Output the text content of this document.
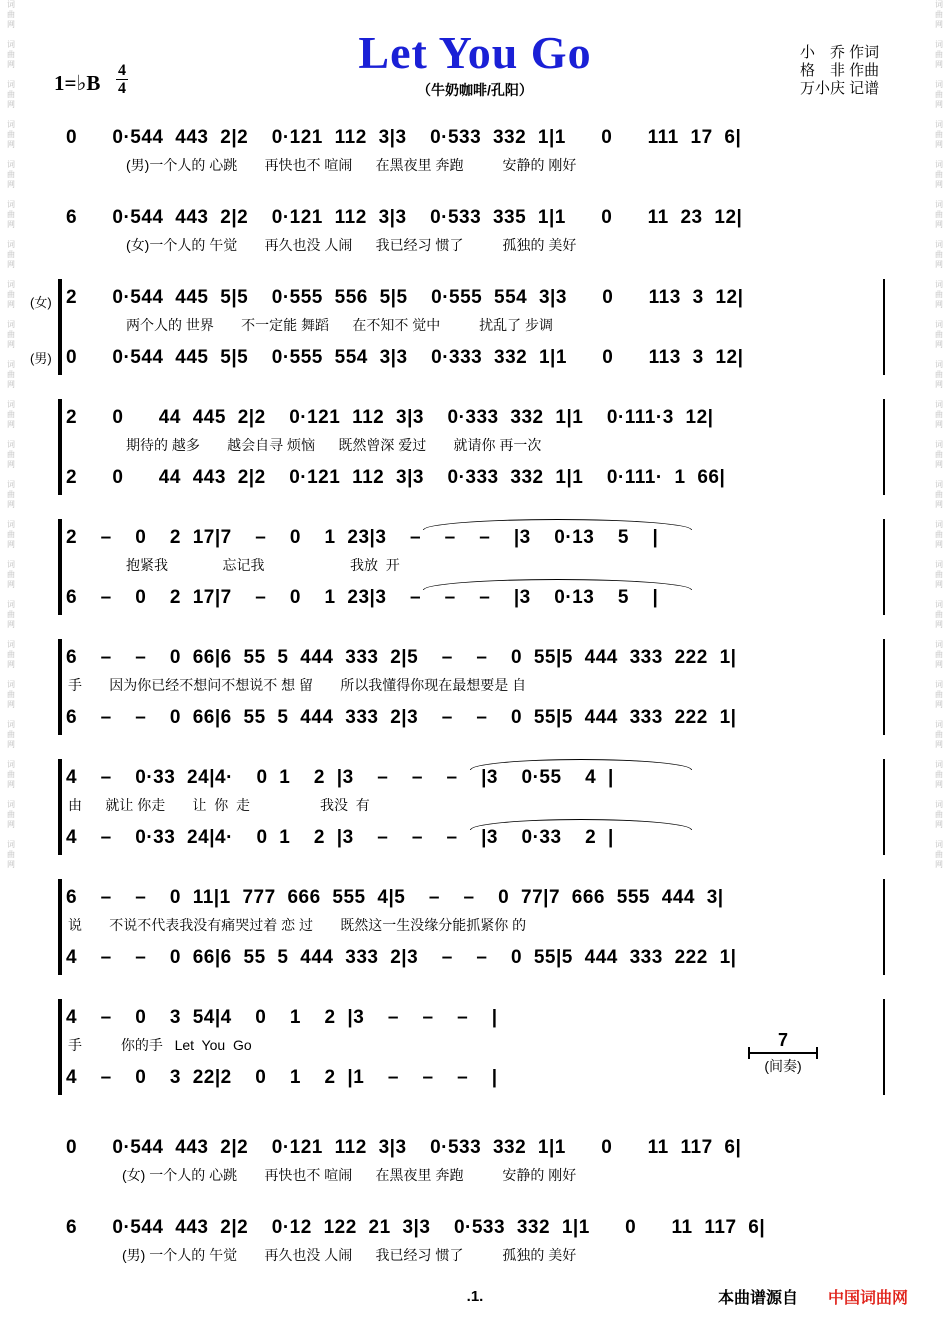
词
曲
网

词
曲
网

词
曲
网

词
曲
网

词
曲
网

词
曲
网

词
曲
网

词
曲
网

词
曲
网

词
曲
网

词
曲
网

词
曲
网

词
曲
网

词
曲
网

词
曲
网

词
曲
网

词
曲
网

词
曲
网

词
曲
网

词
曲
网

词
曲
网

词
曲
网

词
曲
网

词
曲
网

词
曲
网

词
曲
网

词
曲
网

词
曲
网

词
曲
网

词
曲
网

词
曲
网

词
曲
网

词
曲
网

词
曲
网

词
曲
网

词
曲
网

词
曲
网

词
曲
网

词
曲
网

词
曲
网

词
曲
网

词
曲
网

词
曲
网

词
曲
网

Let You Go
（牛奶咖啡/孔阳）
1=♭B $\frac{4}{4}$
小　乔 作词
格　非 作曲
万小庆 记谱
0   0·544 443 2|2  0·121 112 3|3  0·533 332 1|1   0   111 17 6|
(男)一个人的 心跳       再快也不 喧闹      在黑夜里 奔跑          安静的 刚好
6   0·544 443 2|2  0·121 112 3|3  0·533 335 1|1   0   11 23 12|
(女)一个人的 午觉       再久也没 人闹      我已经习 惯了          孤独的 美好
2   0·544 445 5|5  0·555 556 5|5  0·555 554 3|3   0   113 3 12|
两个人的 世界       不一定能 舞蹈      在不知不 觉中          扰乱了 步调
0   0·544 445 5|5  0·555 554 3|3  0·333 332 1|1   0   113 3 12|
2   0   44 445 2|2  0·121 112 3|3  0·333 332 1|1  0·111·3 12|
期待的 越多       越会自寻 烦恼      既然曾深 爱过       就请你 再一次
2   0   44 443 2|2  0·121 112 3|3  0·333 332 1|1  0·111· 1 66|
2  –  0  2 17|7  –  0  1 23|3  –  –  –  |3  0·13  5  |
抱紧我              忘记我                      我放  开
6  –  0  2 17|7  –  0  1 23|3  –  –  –  |3  0·13  5  |
6  –  –  0 66|6 55 5 444 333 2|5  –  –  0 55|5 444 333 222 1|
手       因为你已经不想问不想说不 想 留       所以我懂得你现在最想要是 自
6  –  –  0 66|6 55 5 444 333 2|3  –  –  0 55|5 444 333 222 1|
4  –  0·33 24|4·  0 1  2 |3  –  –  –  |3  0·55  4 |
由      就让 你走       让  你  走                  我没  有
4  –  0·33 24|4·  0 1  2 |3  –  –  –  |3  0·33  2 |
6  –  –  0 11|1 777 666 555 4|5  –  –  0 77|7 666 555 444 3|
说       不说不代表我没有痛哭过着 恋 过       既然这一生没缘分能抓紧你 的
4  –  –  0 66|6 55 5 444 333 2|3  –  –  0 55|5 444 333 222 1|
4  –  0  3 54|4  0  1  2 |3  –  –  –  |
手          你的手   Let  You  Go
4  –  0  3 22|2  0  1  2 |1  –  –  –  |
0   0·544 443 2|2  0·121 112 3|3  0·533 332 1|1   0   11 117 6|
(女) 一个人的 心跳       再快也不 喧闹      在黑夜里 奔跑          安静的 刚好
6   0·544 443 2|2  0·12 122 21 3|3  0·533 332 1|1   0   11 117 6|
(男) 一个人的 午觉       再久也没 人闹      我已经习 惯了          孤独的 美好
(女)
(男)
7
(间奏)
.1.	本曲谱源自 中国词曲网
